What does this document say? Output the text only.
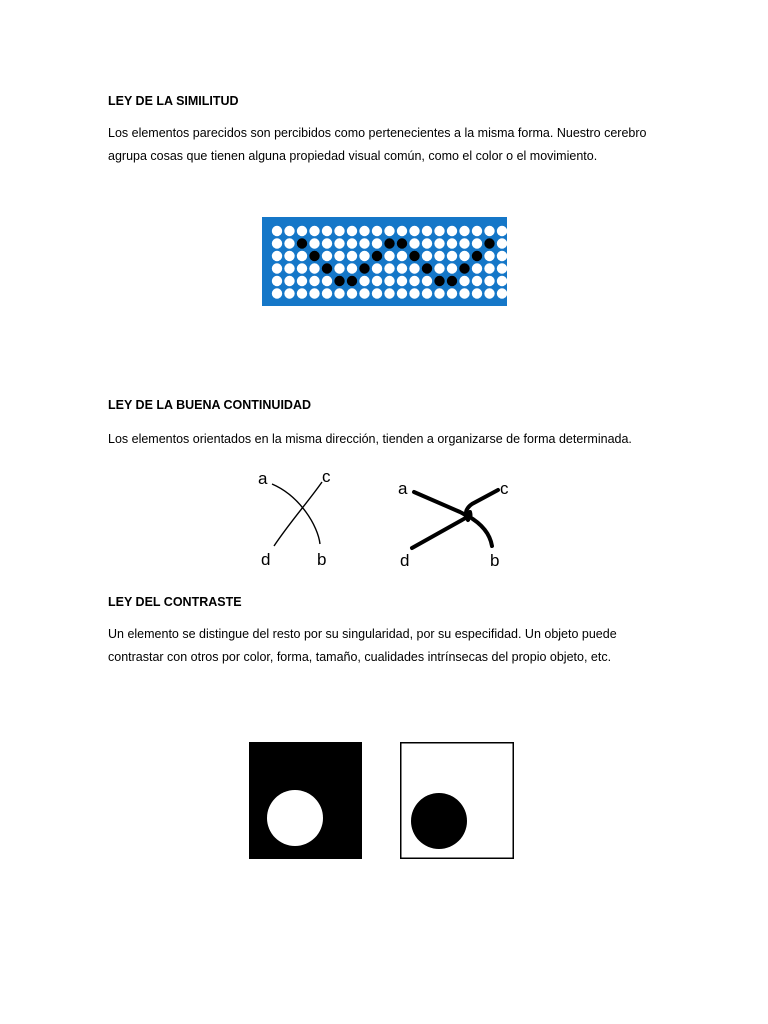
LEY DE LA SIMILITUD
Los elementos parecidos son percibidos como pertenecientes a la misma forma. Nuestro cerebro agrupa cosas que tienen alguna propiedad visual común, como el color o el movimiento.
LEY DE LA BUENA CONTINUIDAD
Los elementos orientados en la misma dirección, tienden a organizarse de forma determinada.
a	c
d	b
a	c
d	b
LEY DEL CONTRASTE
Un elemento se distingue del resto por su singularidad, por su especifidad. Un objeto puede contrastar con otros por color, forma, tamaño, cualidades intrínsecas del propio objeto, etc.
